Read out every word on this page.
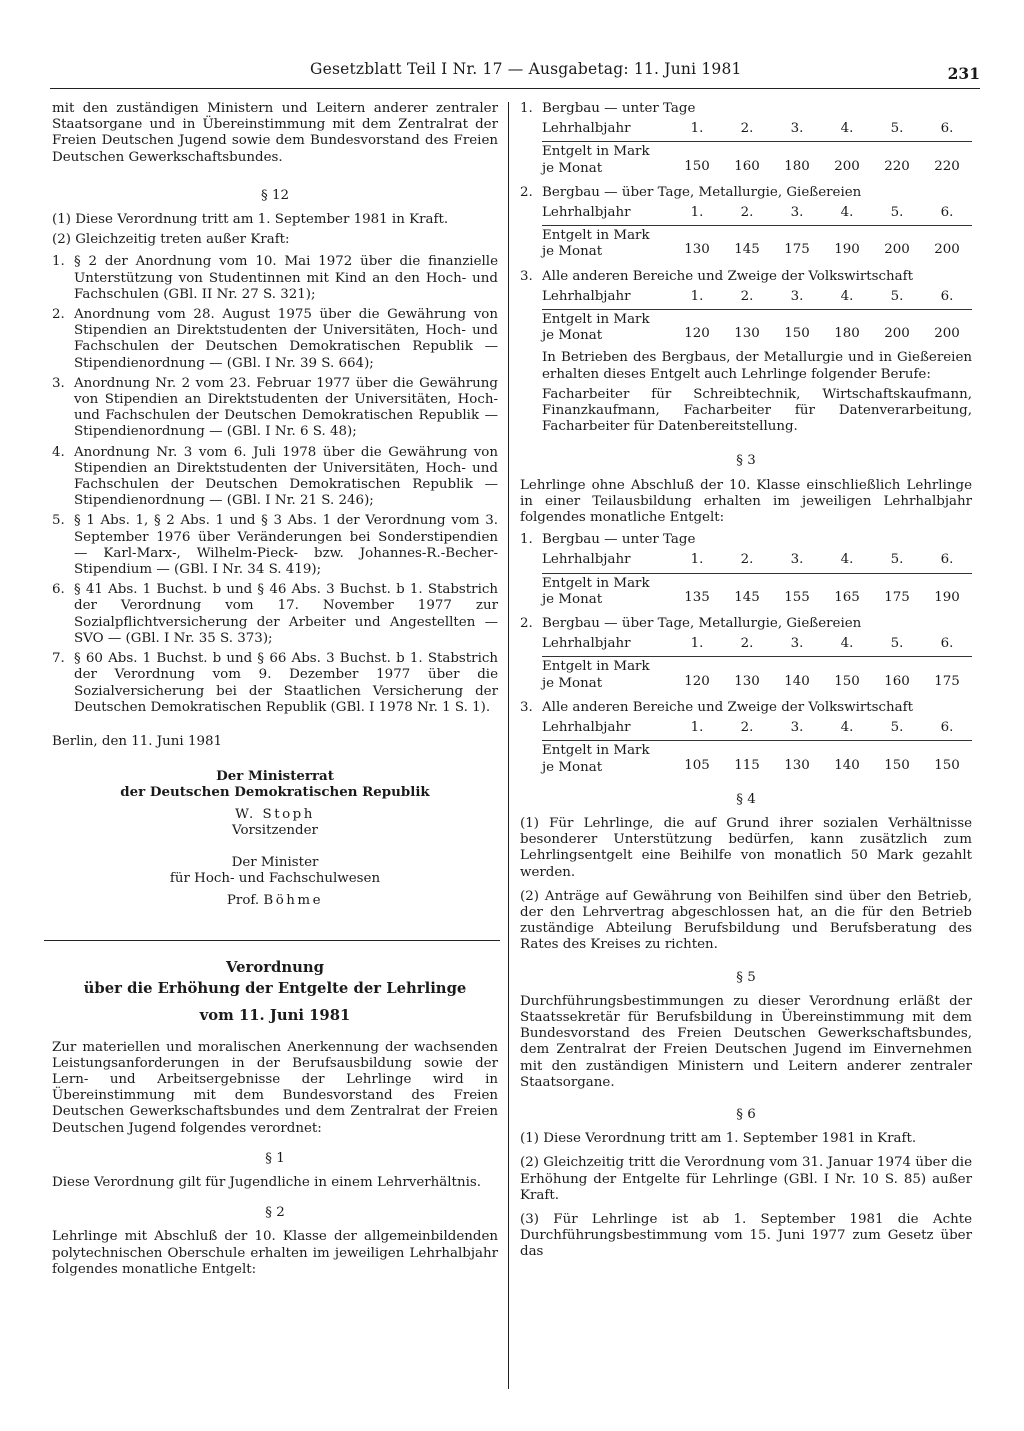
Gesetzblatt Teil I Nr. 17 — Ausgabetag: 11. Juni 1981	231

mit den zuständigen Ministern und Leitern anderer zentraler Staatsorgane und in Übereinstimmung mit dem Zentralrat der Freien Deutschen Jugend sowie dem Bundesvorstand des Freien Deutschen Gewerkschaftsbundes.

§ 12

(1) Diese Verordnung tritt am 1. September 1981 in Kraft.

(2) Gleichzeitig treten außer Kraft:

1. § 2 der Anordnung vom 10. Mai 1972 über die finanzielle Unterstützung von Studentinnen mit Kind an den Hoch- und Fachschulen (GBl. II Nr. 27 S. 321);
2. Anordnung vom 28. August 1975 über die Gewährung von Stipendien an Direktstudenten der Universitäten, Hoch- und Fachschulen der Deutschen Demokratischen Republik — Stipendienordnung — (GBl. I Nr. 39 S. 664);
3. Anordnung Nr. 2 vom 23. Februar 1977 über die Gewährung von Stipendien an Direktstudenten der Universitäten, Hoch- und Fachschulen der Deutschen Demokratischen Republik — Stipendienordnung — (GBl. I Nr. 6 S. 48);
4. Anordnung Nr. 3 vom 6. Juli 1978 über die Gewährung von Stipendien an Direktstudenten der Universitäten, Hoch- und Fachschulen der Deutschen Demokratischen Republik — Stipendienordnung — (GBl. I Nr. 21 S. 246);
5. § 1 Abs. 1, § 2 Abs. 1 und § 3 Abs. 1 der Verordnung vom 3. September 1976 über Veränderungen bei Sonderstipendien — Karl-Marx-, Wilhelm-Pieck- bzw. Johannes-R.-Becher-Stipendium — (GBl. I Nr. 34 S. 419);
6. § 41 Abs. 1 Buchst. b und § 46 Abs. 3 Buchst. b 1. Stabstrich der Verordnung vom 17. November 1977 zur Sozialpflichtversicherung der Arbeiter und Angestellten — SVO — (GBl. I Nr. 35 S. 373);
7. § 60 Abs. 1 Buchst. b und § 66 Abs. 3 Buchst. b 1. Stabstrich der Verordnung vom 9. Dezember 1977 über die Sozialversicherung bei der Staatlichen Versicherung der Deutschen Demokratischen Republik (GBl. I 1978 Nr. 1 S. 1).

Berlin, den 11. Juni 1981

Der Ministerrat
der Deutschen Demokratischen Republik
W. Stoph
Vorsitzender
Der Minister
für Hoch- und Fachschulwesen
Prof. Böhme
Verordnung
über die Erhöhung der Entgelte der Lehrlinge
vom 11. Juni 1981

Zur materiellen und moralischen Anerkennung der wachsenden Leistungsanforderungen in der Berufsausbildung sowie der Lern- und Arbeitsergebnisse der Lehrlinge wird in Übereinstimmung mit dem Bundesvorstand des Freien Deutschen Gewerkschaftsbundes und dem Zentralrat der Freien Deutschen Jugend folgendes verordnet:

§ 1

Diese Verordnung gilt für Jugendliche in einem Lehrverhältnis.

§ 2

Lehrlinge mit Abschluß der 10. Klasse der allgemeinbildenden polytechnischen Oberschule erhalten im jeweiligen Lehrhalbjahr folgendes monatliche Entgelt:

1. Bergbau — unter Tage
Lehrhalbjahr	1.	2.	3.	4.	5.	6.
Entgelt in Mark
je Monat	150	160	180	200	220	220
2. Bergbau — über Tage, Metallurgie, Gießereien
Lehrhalbjahr	1.	2.	3.	4.	5.	6.
Entgelt in Mark
je Monat	130	145	175	190	200	200
3. Alle anderen Bereiche und Zweige der Volkswirtschaft
Lehrhalbjahr	1.	2.	3.	4.	5.	6.
Entgelt in Mark
je Monat	120	130	150	180	200	200

In Betrieben des Bergbaus, der Metallurgie und in Gießereien erhalten dieses Entgelt auch Lehrlinge folgender Berufe:

Facharbeiter für Schreibtechnik, Wirtschaftskaufmann, Finanzkaufmann, Facharbeiter für Datenverarbeitung, Facharbeiter für Datenbereitstellung.

§ 3

Lehrlinge ohne Abschluß der 10. Klasse einschließlich Lehrlinge in einer Teilausbildung erhalten im jeweiligen Lehrhalbjahr folgendes monatliche Entgelt:

1. Bergbau — unter Tage
Lehrhalbjahr	1.	2.	3.	4.	5.	6.
Entgelt in Mark
je Monat	135	145	155	165	175	190
2. Bergbau — über Tage, Metallurgie, Gießereien
Lehrhalbjahr	1.	2.	3.	4.	5.	6.
Entgelt in Mark
je Monat	120	130	140	150	160	175
3. Alle anderen Bereiche und Zweige der Volkswirtschaft
Lehrhalbjahr	1.	2.	3.	4.	5.	6.
Entgelt in Mark
je Monat	105	115	130	140	150	150
§ 4

(1) Für Lehrlinge, die auf Grund ihrer sozialen Verhältnisse besonderer Unterstützung bedürfen, kann zusätzlich zum Lehrlingsentgelt eine Beihilfe von monatlich 50 Mark gezahlt werden.

(2) Anträge auf Gewährung von Beihilfen sind über den Betrieb, der den Lehrvertrag abgeschlossen hat, an die für den Betrieb zuständige Abteilung Berufsbildung und Berufsberatung des Rates des Kreises zu richten.

§ 5

Durchführungsbestimmungen zu dieser Verordnung erläßt der Staatssekretär für Berufsbildung in Übereinstimmung mit dem Bundesvorstand des Freien Deutschen Gewerkschaftsbundes, dem Zentralrat der Freien Deutschen Jugend im Einvernehmen mit den zuständigen Ministern und Leitern anderer zentraler Staatsorgane.

§ 6

(1) Diese Verordnung tritt am 1. September 1981 in Kraft.

(2) Gleichzeitig tritt die Verordnung vom 31. Januar 1974 über die Erhöhung der Entgelte für Lehrlinge (GBl. I Nr. 10 S. 85) außer Kraft.

(3) Für Lehrlinge ist ab 1. September 1981 die Achte Durchführungsbestimmung vom 15. Juni 1977 zum Gesetz über das
